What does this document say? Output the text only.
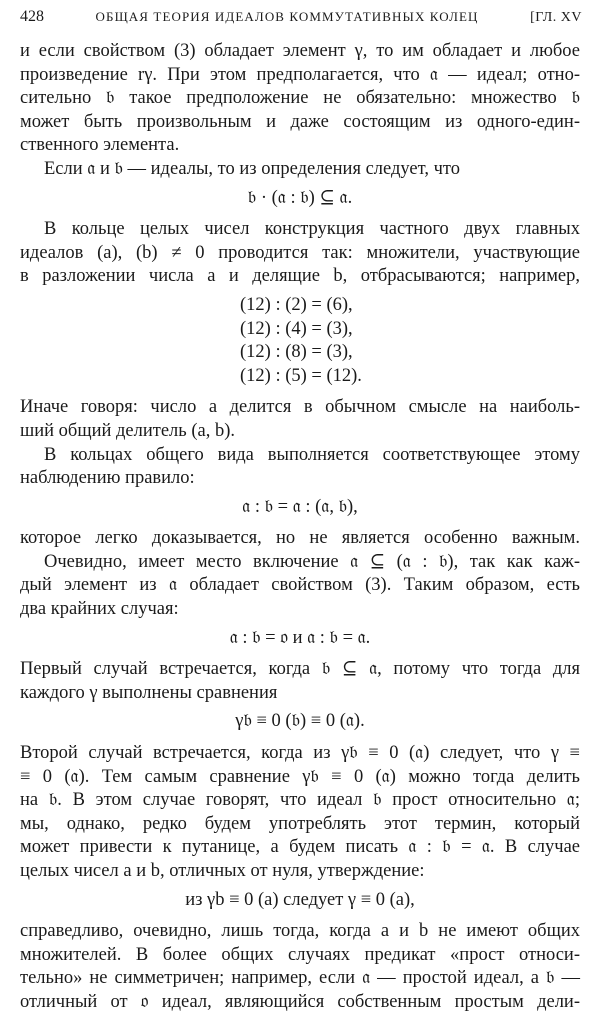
428	ОБЩАЯ ТЕОРИЯ ИДЕАЛОВ КОММУТАТИВНЫХ КОЛЕЦ	[ГЛ. XV
и если свойством (3) обладает элемент γ, то им обладает и любое
произведение rγ. При этом предполагается, что 𝔞 — идеал; отно-
сительно 𝔟 такое предположение не обязательно: множество 𝔟
может быть произвольным и даже состоящим из одного-един-
ственного элемента.
Если 𝔞 и 𝔟 — идеалы, то из определения следует, что
𝔟 · (𝔞 : 𝔟) ⊆ 𝔞.
В кольце целых чисел конструкция частного двух главных
идеалов (a), (b) ≠ 0 проводится так: множители, участвующие
в разложении числа a и делящие b, отбрасываются; например,
(12) : (2) = (6),
(12) : (4) = (3),
(12) : (8) = (3),
(12) : (5) = (12).
Иначе говоря: число a делится в обычном смысле на наиболь-
ший общий делитель (a, b).
В кольцах общего вида выполняется соответствующее этому
наблюдению правило:
𝔞 : 𝔟 = 𝔞 : (𝔞, 𝔟),
которое легко доказывается, но не является особенно важным.
Очевидно, имеет место включение 𝔞 ⊆ (𝔞 : 𝔟), так как каж-
дый элемент из 𝔞 обладает свойством (3). Таким образом, есть
два крайних случая:
𝔞 : 𝔟 = 𝔬 и 𝔞 : 𝔟 = 𝔞.
Первый случай встречается, когда 𝔟 ⊆ 𝔞, потому что тогда для
каждого γ выполнены сравнения
γ𝔟 ≡ 0 (𝔟) ≡ 0 (𝔞).
Второй случай встречается, когда из γ𝔟 ≡ 0 (𝔞) следует, что γ ≡
≡ 0 (𝔞). Тем самым сравнение γ𝔟 ≡ 0 (𝔞) можно тогда делить
на 𝔟. В этом случае говорят, что идеал 𝔟 прост относительно 𝔞;
мы, однако, редко будем употреблять этот термин, который
может привести к путанице, а будем писать 𝔞 : 𝔟 = 𝔞. В случае
целых чисел a и b, отличных от нуля, утверждение:
из γb ≡ 0 (a) следует γ ≡ 0 (a),
справедливо, очевидно, лишь тогда, когда a и b не имеют общих
множителей. В более общих случаях предикат «прост относи-
тельно» не симметричен; например, если 𝔞 — простой идеал, а 𝔟 —
отличный от 𝔬 идеал, являющийся собственным простым дели-
